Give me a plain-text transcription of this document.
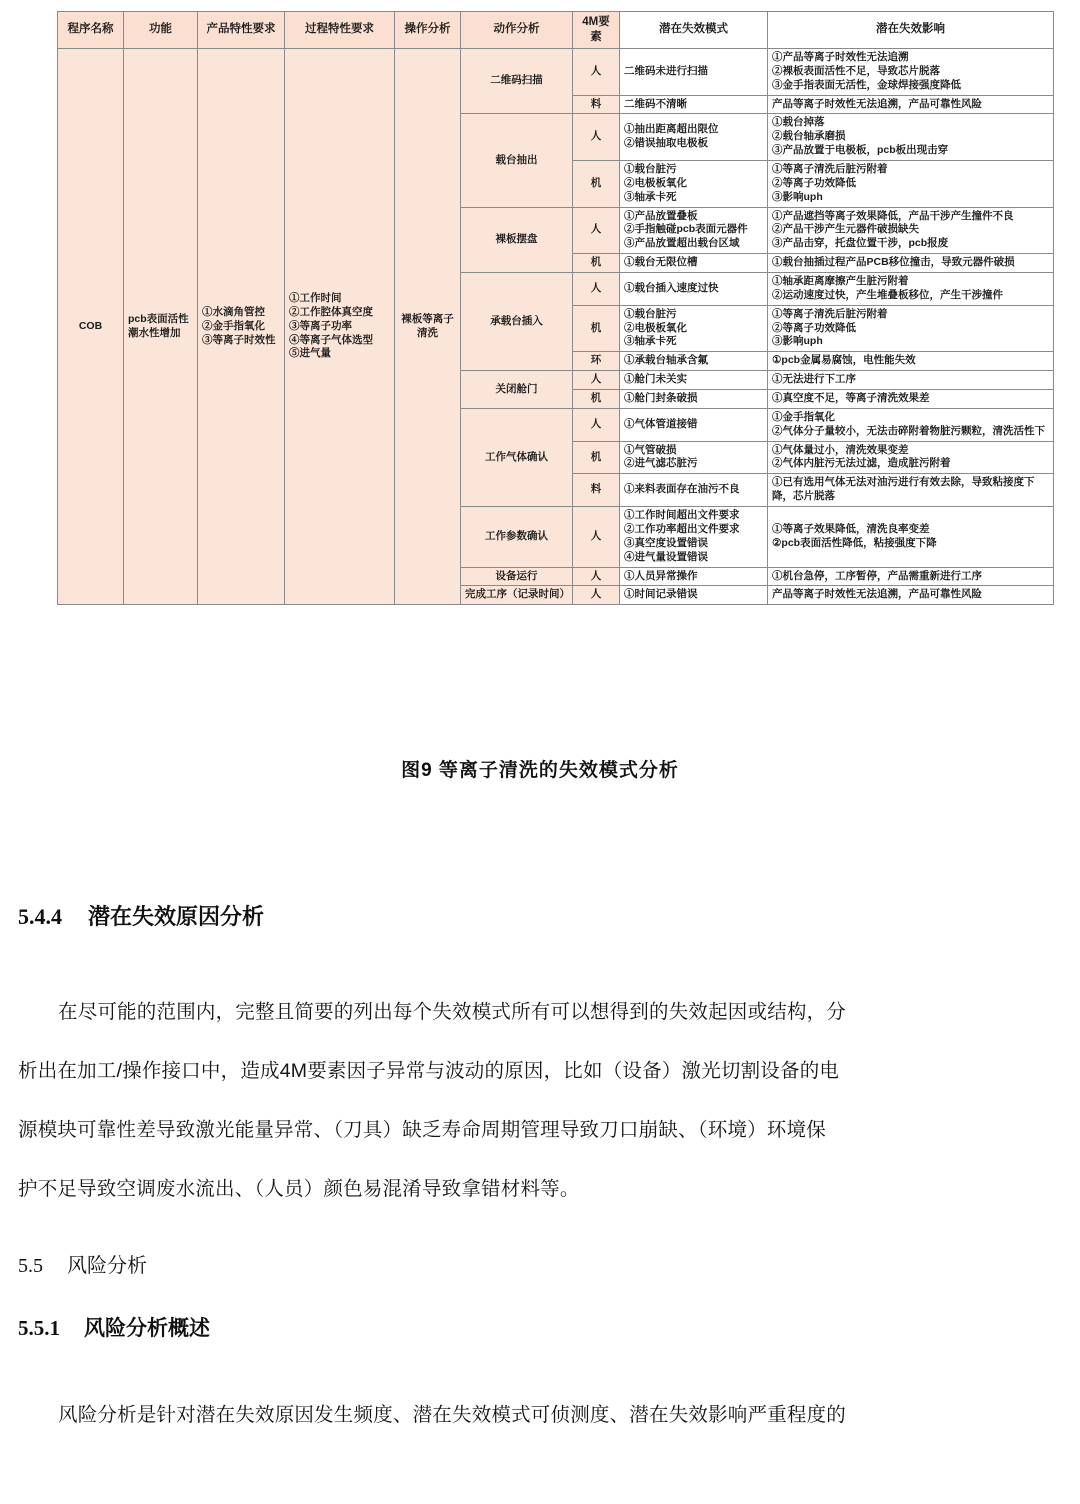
程序名称	功能	产品特性要求	过程特性要求	操作分析	动作分析	4M要素	潜在失效模式	潜在失效影响
COB	pcb表面活性潮水性增加	①水滴角管控
②金手指氧化
③等离子时效性	①工作时间
②工作腔体真空度
③等离子功率
④等离子气体选型
⑤进气量	裸板等离子清洗	二维码扫描	人	二维码未进行扫描	①产品等离子时效性无法追溯
②裸板表面活性不足，导致芯片脱落
③金手指表面无活性，金球焊接强度降低

						料	二维码不清晰	产品等离子时效性无法追溯，产品可靠性风险

					载台抽出	人	①抽出距离超出限位
②错误抽取电极板	①载台掉落
②载台轴承磨损
③产品放置于电极板，pcb板出现击穿

						机	①载台脏污
②电极板氧化
③轴承卡死	①等离子清洗后脏污附着
②等离子功效降低
③影响uph

					裸板摆盘	人	①产品放置叠板
②手指触碰pcb表面元器件
③产品放置超出载台区域	①产品遮挡等离子效果降低，产品干涉产生撞件不良
②产品干涉产生元器件破损缺失
③产品击穿，托盘位置干涉，pcb报废

						机	①载台无限位槽	①载台抽插过程产品PCB移位撞击，导致元器件破损

					承载台插入	人	①载台插入速度过快	①轴承距离摩擦产生脏污附着
②运动速度过快，产生堆叠板移位，产生干涉撞件

						机	①载台脏污
②电极板氧化
③轴承卡死	①等离子清洗后脏污附着
②等离子功效降低
③影响uph

						环	①承载台轴承含氟	①pcb金属易腐蚀，电性能失效

					关闭舱门	人	①舱门未关实	①无法进行下工序

						机	①舱门封条破损	①真空度不足，等离子清洗效果差

					工作气体确认	人	①气体管道接错	①金手指氧化
②气体分子量较小，无法击碎附着物脏污颗粒，清洗活性下

						机	①气管破损
②进气滤芯脏污	①气体量过小，清洗效果变差
②气体内脏污无法过滤，造成脏污附着

						料	①来料表面存在油污不良	①已有选用气体无法对油污进行有效去除，导致粘接度下降，芯片脱落

					工作参数确认	人	①工作时间超出文件要求
②工作功率超出文件要求
③真空度设置错误
④进气量设置错误	①等离子效果降低，清洗良率变差
②pcb表面活性降低，粘接强度下降

					设备运行	人	①人员异常操作	①机台急停，工序暂停，产品需重新进行工序

					完成工序（记录时间）	人	①时间记录错误	产品等离子时效性无法追溯，产品可靠性风险
图9 等离子清洗的失效模式分析
5.4.4 潜在失效原因分析

在尽可能的范围内，完整且简要的列出每个失效模式所有可以想得到的失效起因或结构，分

析出在加工/操作接口中，造成4M要素因子异常与波动的原因，比如（设备）激光切割设备的电

源模块可靠性差导致激光能量异常、（刀具）缺乏寿命周期管理导致刀口崩缺、（环境）环境保

护不足导致空调废水流出、（人员）颜色易混淆导致拿错材料等。

5.5 风险分析
5.5.1 风险分析概述

风险分析是针对潜在失效原因发生频度、潜在失效模式可侦测度、潜在失效影响严重程度的
